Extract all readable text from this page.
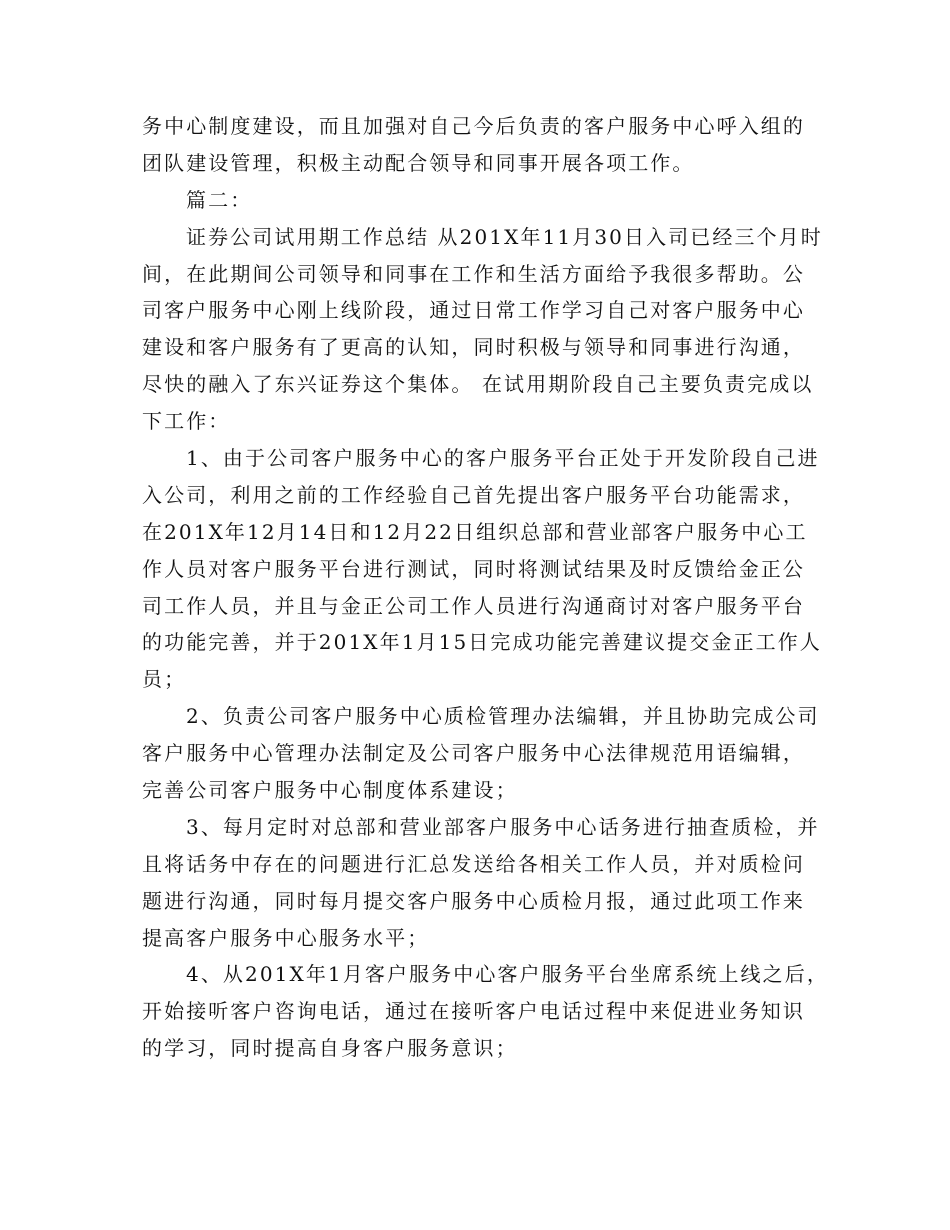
务中心制度建设，而且加强对自己今后负责的客户服务中心呼入组的
团队建设管理，积极主动配合领导和同事开展各项工作。
篇二：
证券公司试用期工作总结 从201X年11月30日入司已经三个月时
间，在此期间公司领导和同事在工作和生活方面给予我很多帮助。公
司客户服务中心刚上线阶段，通过日常工作学习自己对客户服务中心
建设和客户服务有了更高的认知，同时积极与领导和同事进行沟通，
尽快的融入了东兴证券这个集体。 在试用期阶段自己主要负责完成以
下工作：
1、由于公司客户服务中心的客户服务平台正处于开发阶段自己进
入公司，利用之前的工作经验自己首先提出客户服务平台功能需求，
在201X年12月14日和12月22日组织总部和营业部客户服务中心工
作人员对客户服务平台进行测试，同时将测试结果及时反馈给金正公
司工作人员，并且与金正公司工作人员进行沟通商讨对客户服务平台
的功能完善，并于201X年1月15日完成功能完善建议提交金正工作人
员；
2、负责公司客户服务中心质检管理办法编辑，并且协助完成公司
客户服务中心管理办法制定及公司客户服务中心法律规范用语编辑，
完善公司客户服务中心制度体系建设；
3、每月定时对总部和营业部客户服务中心话务进行抽查质检，并
且将话务中存在的问题进行汇总发送给各相关工作人员，并对质检问
题进行沟通，同时每月提交客户服务中心质检月报，通过此项工作来
提高客户服务中心服务水平；
4、从201X年1月客户服务中心客户服务平台坐席系统上线之后，
开始接听客户咨询电话，通过在接听客户电话过程中来促进业务知识
的学习，同时提高自身客户服务意识；
